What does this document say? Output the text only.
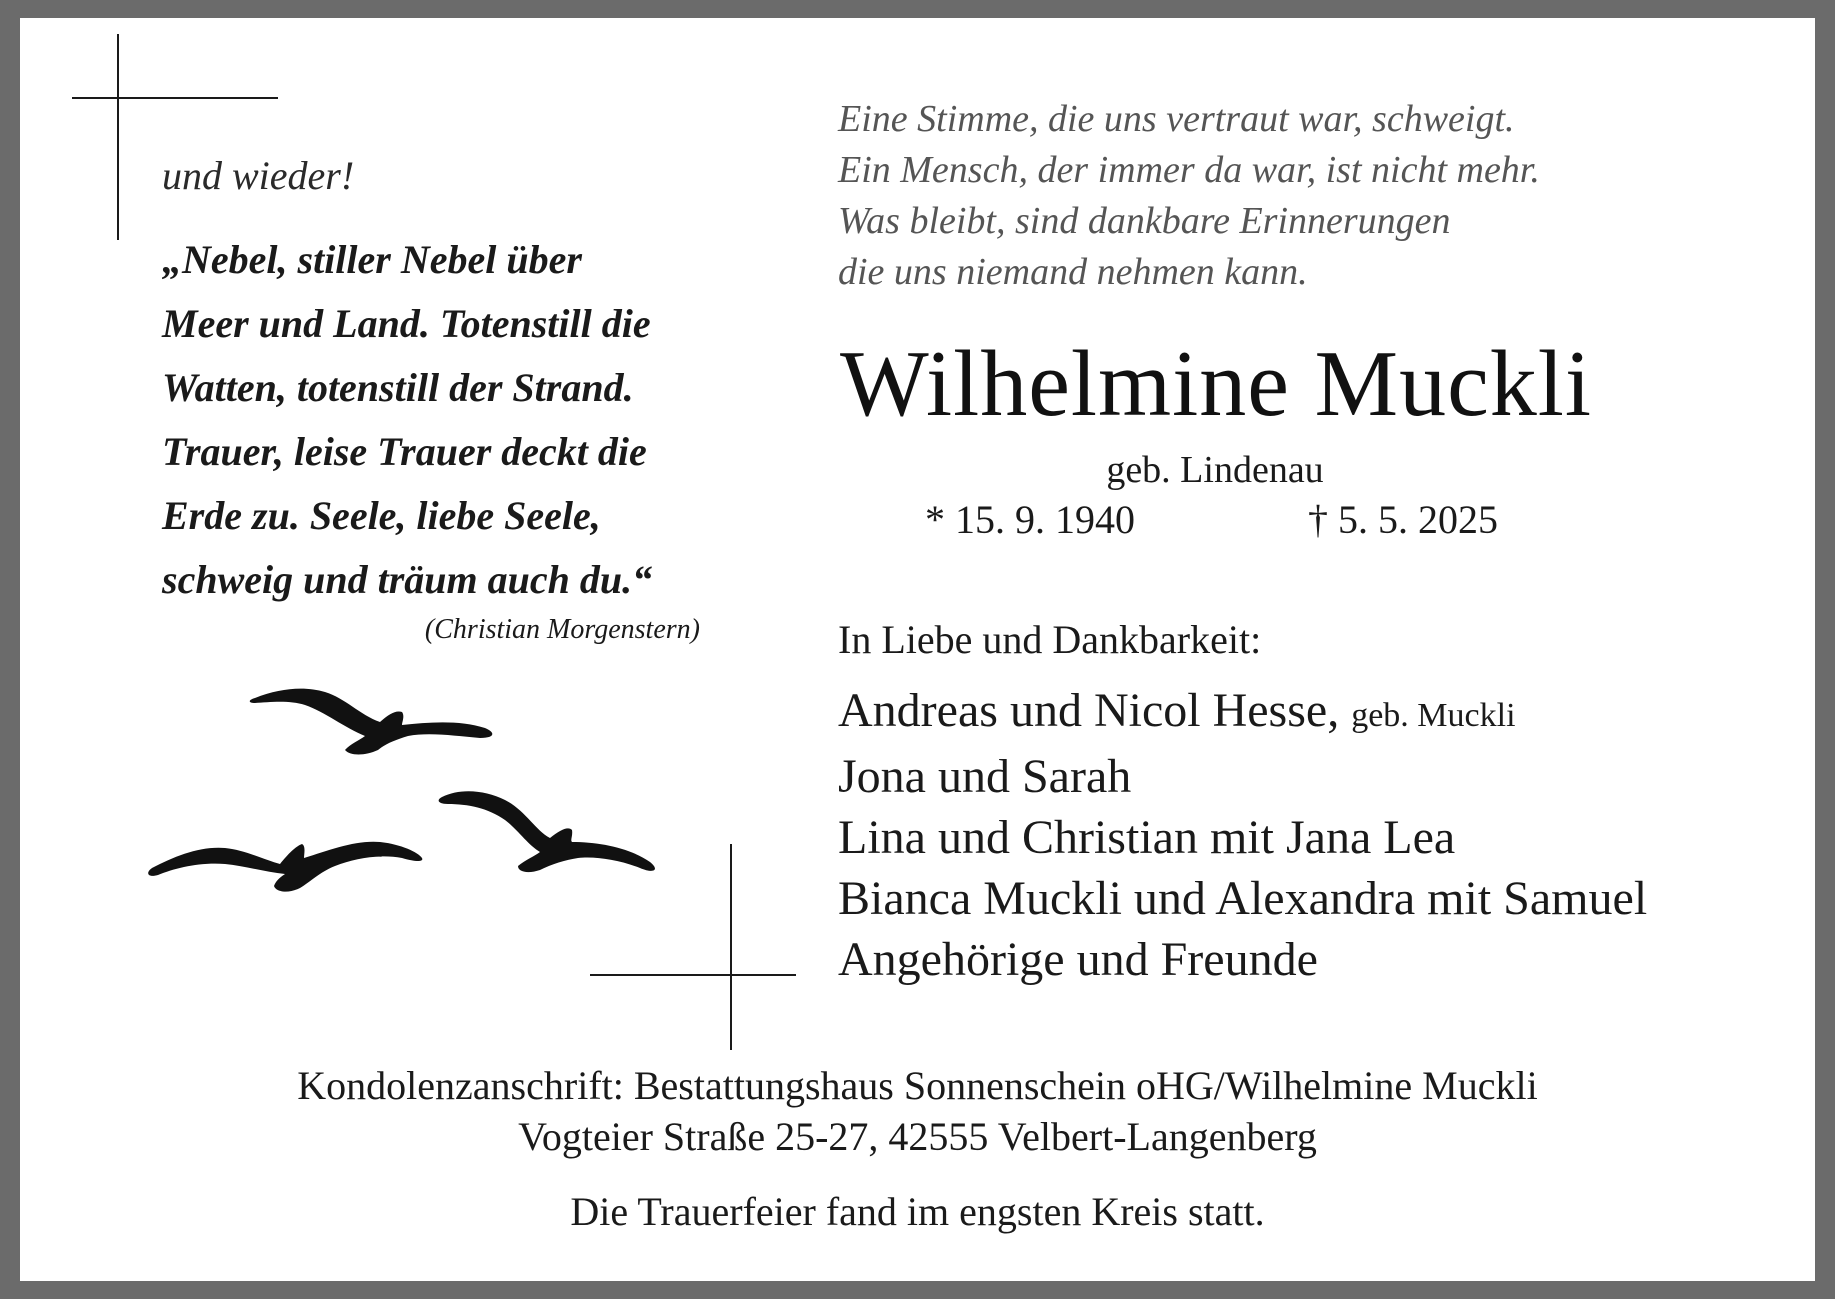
und wieder!
„Nebel, stiller Nebel über
Meer und Land. Totenstill die
Watten, totenstill der Strand.
Trauer, leise Trauer deckt die
Erde zu. Seele, liebe Seele,
schweig und träum auch du.“
(Christian Morgenstern)
Eine Stimme, die uns vertraut war, schweigt.
Ein Mensch, der immer da war, ist nicht mehr.
Was bleibt, sind dankbare Erinnerungen
die uns niemand nehmen kann.
Wilhelmine Muckli
geb. Lindenau
* 15. 9. 1940	† 5. 5. 2025
In Liebe und Dankbarkeit:
Andreas und Nicol Hesse, geb. Muckli
Jona und Sarah
Lina und Christian mit Jana Lea
Bianca Muckli und Alexandra mit Samuel
Angehörige und Freunde
Kondolenzanschrift: Bestattungshaus Sonnenschein oHG/Wilhelmine Muckli
Vogteier Straße 25-27, 42555 Velbert-Langenberg
Die Trauerfeier fand im engsten Kreis statt.
